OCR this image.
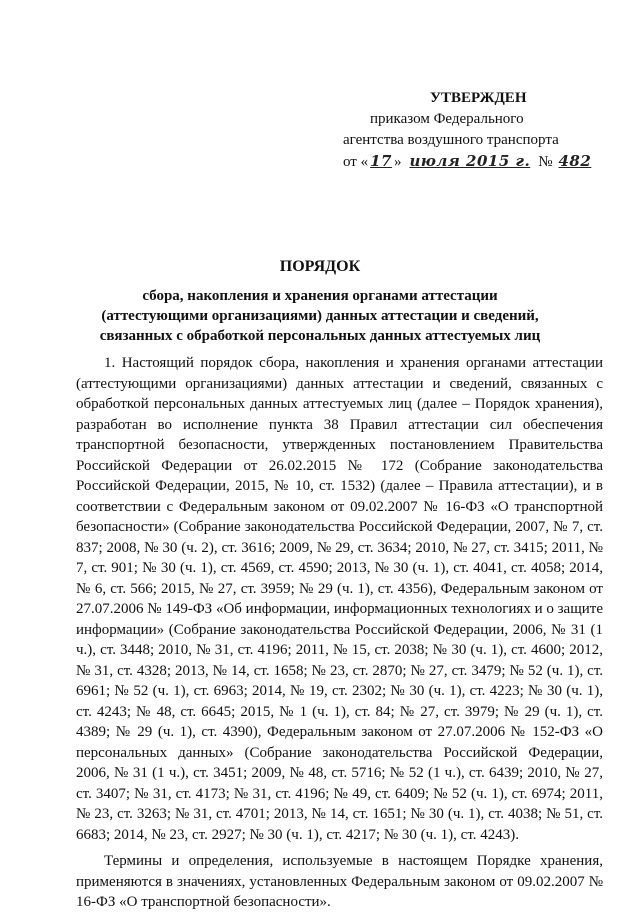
УТВЕРЖДЕН
приказом Федерального
агентства воздушного транспорта
от « 17 » июля 2015 г. № 482
ПОРЯДОК
сбора, накопления и хранения органами аттестации (аттестующими организациями) данных аттестации и сведений, связанных с обработкой персональных данных аттестуемых лиц

1. Настоящий порядок сбора, накопления и хранения органами аттестации (аттестующими организациями) данных аттестации и сведений, связанных с обработкой персональных данных аттестуемых лиц (далее – Порядок хранения), разработан во исполнение пункта 38 Правил аттестации сил обеспечения транспортной безопасности, утвержденных постановлением Правительства Российской Федерации от 26.02.2015 № 172 (Собрание законодательства Российской Федерации, 2015, № 10, ст. 1532) (далее – Правила аттестации), и в соответствии с Федеральным законом от 09.02.2007 № 16-ФЗ «О транспортной безопасности» (Собрание законодательства Российской Федерации, 2007, № 7, ст. 837; 2008, № 30 (ч. 2), ст. 3616; 2009, № 29, ст. 3634; 2010, № 27, ст. 3415; 2011, № 7, ст. 901; № 30 (ч. 1), ст. 4569, ст. 4590; 2013, № 30 (ч. 1), ст. 4041, ст. 4058; 2014, № 6, ст. 566; 2015, № 27, ст. 3959; № 29 (ч. 1), ст. 4356), Федеральным законом от 27.07.2006 № 149-ФЗ «Об информации, информационных технологиях и о защите информации» (Собрание законодательства Российской Федерации, 2006, № 31 (1 ч.), ст. 3448; 2010, № 31, ст. 4196; 2011, № 15, ст. 2038; № 30 (ч. 1), ст. 4600; 2012, № 31, ст. 4328; 2013, № 14, ст. 1658; № 23, ст. 2870; № 27, ст. 3479; № 52 (ч. 1), ст. 6961; № 52 (ч. 1), ст. 6963; 2014, № 19, ст. 2302; № 30 (ч. 1), ст. 4223; № 30 (ч. 1), ст. 4243; № 48, ст. 6645; 2015, № 1 (ч. 1), ст. 84; № 27, ст. 3979; № 29 (ч. 1), ст. 4389; № 29 (ч. 1), ст. 4390), Федеральным законом от 27.07.2006 № 152-ФЗ «О персональных данных» (Собрание законодательства Российской Федерации, 2006, № 31 (1 ч.), ст. 3451; 2009, № 48, ст. 5716; № 52 (1 ч.), ст. 6439; 2010, № 27, ст. 3407; № 31, ст. 4173; № 31, ст. 4196; № 49, ст. 6409; № 52 (ч. 1), ст. 6974; 2011, № 23, ст. 3263; № 31, ст. 4701; 2013, № 14, ст. 1651; № 30 (ч. 1), ст. 4038; № 51, ст. 6683; 2014, № 23, ст. 2927; № 30 (ч. 1), ст. 4217; № 30 (ч. 1), ст. 4243).

Термины и определения, используемые в настоящем Порядке хранения, применяются в значениях, установленных Федеральным законом от 09.02.2007 № 16-ФЗ «О транспортной безопасности».
